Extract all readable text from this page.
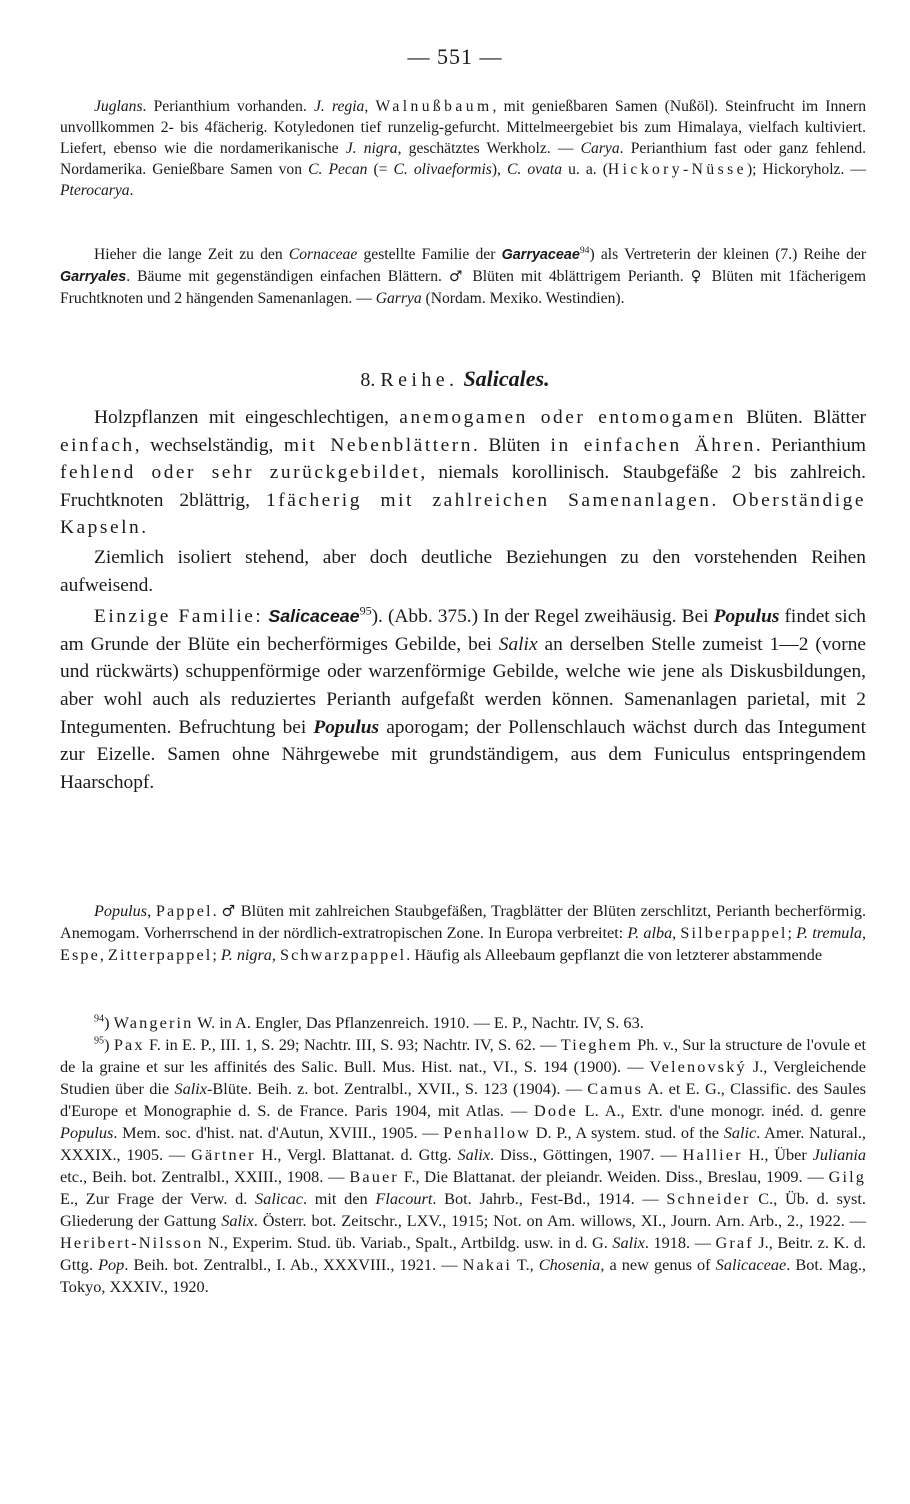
— 551 —
Juglans. Perianthium vorhanden. J. regia, Walnußbaum, mit genießbaren Samen (Nußöl). Steinfrucht im Innern unvollkommen 2- bis 4fächerig. Kotyledonen tief runzelig-gefurcht. Mittelmeergebiet bis zum Himalaya, vielfach kultiviert. Liefert, ebenso wie die nordamerikanische J. nigra, geschätztes Werkholz. — Carya. Perianthium fast oder ganz fehlend. Nordamerika. Genießbare Samen von C. Pecan (= C. olivaeformis), C. ovata u. a. (Hickory-Nüsse); Hickoryholz. — Pterocarya.
Hieher die lange Zeit zu den Cornaceae gestellte Familie der Garryaceae$^{94}$) als Vertreterin der kleinen (7.) Reihe der Garryales. Bäume mit gegenständigen einfachen Blättern. ♂ Blüten mit 4blättrigem Perianth. ♀ Blüten mit 1fächerigem Fruchtknoten und 2 hängenden Samenanlagen. — Garrya (Nordam. Mexiko. Westindien).
8. Reihe. Salicales.

Holzpflanzen mit eingeschlechtigen, anemogamen oder entomogamen Blüten. Blätter einfach, wechselständig, mit Nebenblättern. Blüten in einfachen Ähren. Perianthium fehlend oder sehr zurückgebildet, niemals korollinisch. Staubgefäße 2 bis zahlreich. Fruchtknoten 2blättrig, 1fächerig mit zahlreichen Samenanlagen. Oberständige Kapseln.

Ziemlich isoliert stehend, aber doch deutliche Beziehungen zu den vorstehenden Reihen aufweisend.

Einzige Familie: Salicaceae$^{95}$). (Abb. 375.) In der Regel zweihäusig. Bei Populus findet sich am Grunde der Blüte ein becherförmiges Gebilde, bei Salix an derselben Stelle zumeist 1—2 (vorne und rückwärts) schuppenförmige oder warzenförmige Gebilde, welche wie jene als Diskusbildungen, aber wohl auch als reduziertes Perianth aufgefaßt werden können. Samenanlagen parietal, mit 2 Integumenten. Befruchtung bei Populus aporogam; der Pollenschlauch wächst durch das Integument zur Eizelle. Samen ohne Nährgewebe mit grundständigem, aus dem Funiculus entspringendem Haarschopf.

Populus, Pappel. ♂ Blüten mit zahlreichen Staubgefäßen, Tragblätter der Blüten zerschlitzt, Perianth becherförmig. Anemogam. Vorherrschend in der nördlich-extratropischen Zone. In Europa verbreitet: P. alba, Silberpappel; P. tremula, Espe, Zitterpappel; P. nigra, Schwarzpappel. Häufig als Alleebaum gepflanzt die von letzterer abstammende

$^{94}$) Wangerin W. in A. Engler, Das Pflanzenreich. 1910. — E. P., Nachtr. IV, S. 63.

$^{95}$) Pax F. in E. P., III. 1, S. 29; Nachtr. III, S. 93; Nachtr. IV, S. 62. — Tieghem Ph. v., Sur la structure de l'ovule et de la graine et sur les affinités des Salic. Bull. Mus. Hist. nat., VI., S. 194 (1900). — Velenovský J., Vergleichende Studien über die Salix-Blüte. Beih. z. bot. Zentralbl., XVII., S. 123 (1904). — Camus A. et E. G., Classific. des Saules d'Europe et Monographie d. S. de France. Paris 1904, mit Atlas. — Dode L. A., Extr. d'une monogr. inéd. d. genre Populus. Mem. soc. d'hist. nat. d'Autun, XVIII., 1905. — Penhallow D. P., A system. stud. of the Salic. Amer. Natural., XXXIX., 1905. — Gärtner H., Vergl. Blattanat. d. Gttg. Salix. Diss., Göttingen, 1907. — Hallier H., Über Juliania etc., Beih. bot. Zentralbl., XXIII., 1908. — Bauer F., Die Blattanat. der pleiandr. Weiden. Diss., Breslau, 1909. — Gilg E., Zur Frage der Verw. d. Salicac. mit den Flacourt. Bot. Jahrb., Fest-Bd., 1914. — Schneider C., Üb. d. syst. Gliederung der Gattung Salix. Österr. bot. Zeitschr., LXV., 1915; Not. on Am. willows, XI., Journ. Arn. Arb., 2., 1922. — Heribert-Nilsson N., Experim. Stud. üb. Variab., Spalt., Artbildg. usw. in d. G. Salix. 1918. — Graf J., Beitr. z. K. d. Gttg. Pop. Beih. bot. Zentralbl., I. Ab., XXXVIII., 1921. — Nakai T., Chosenia, a new genus of Salicaceae. Bot. Mag., Tokyo, XXXIV., 1920.
